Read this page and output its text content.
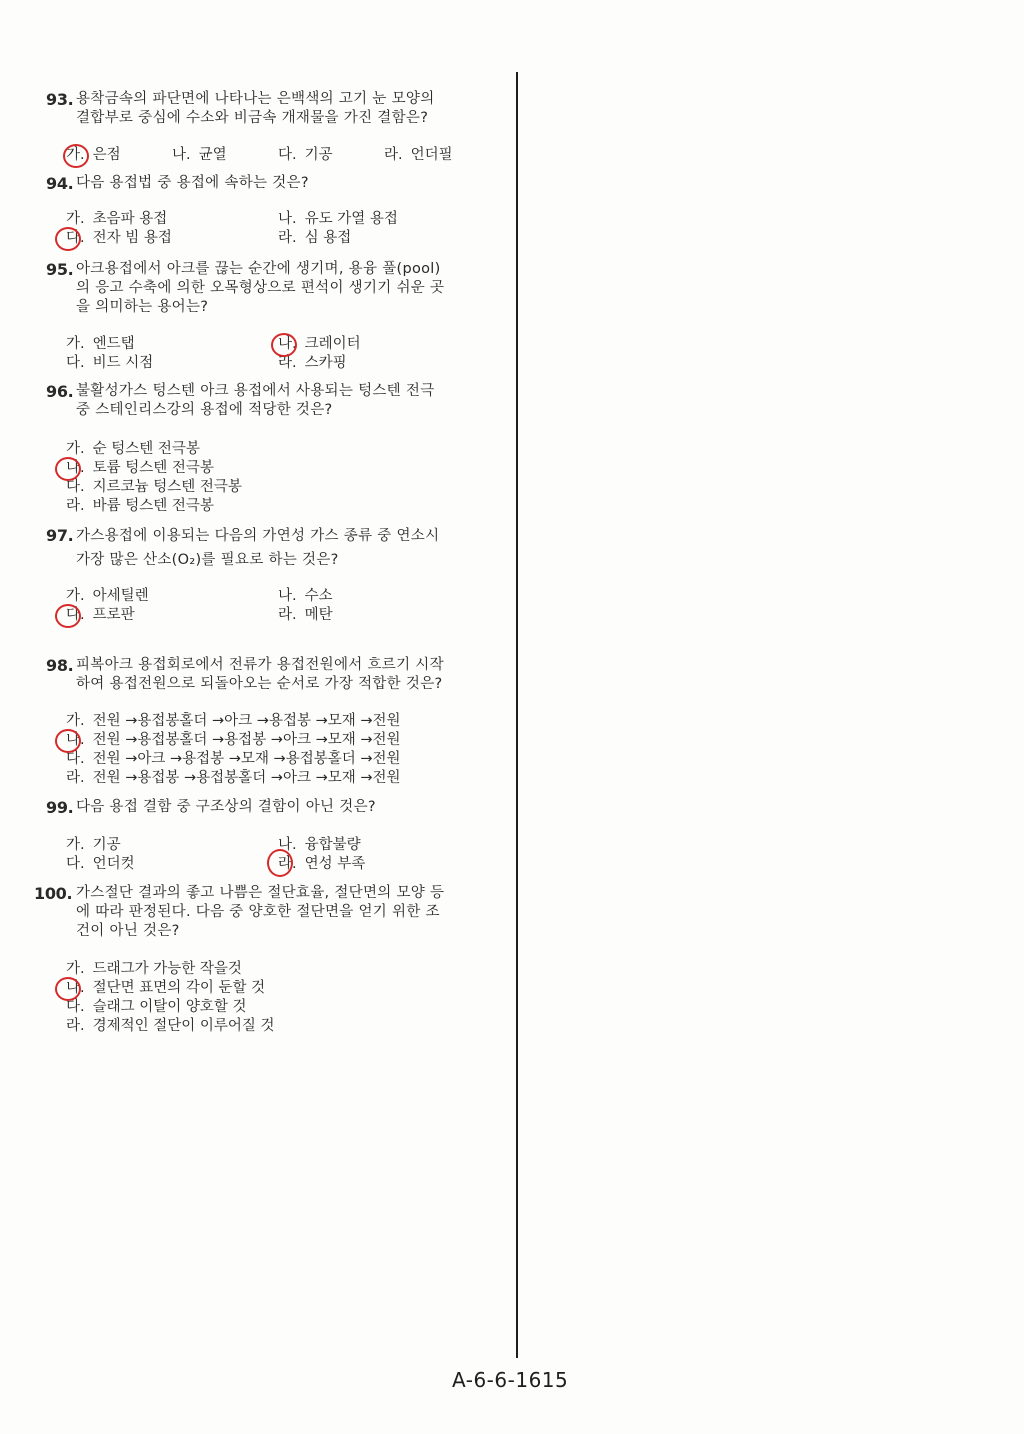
93. 용착금속의 파단면에 나타나는 은백색의 고기 눈 모양의
결합부로 중심에 수소와 비금속 개재물을 가진 결함은?
가. 은점	나. 균열	다. 기공	라. 언더필
94. 다음 용접법 중 용접에 속하는 것은?
가. 초음파 용접	나. 유도 가열 용접
다. 전자 빔 용접	라. 심 용접
95. 아크용접에서 아크를 끊는 순간에 생기며, 용융 풀(pool)
의 응고 수축에 의한 오목형상으로 편석이 생기기 쉬운 곳
을 의미하는 용어는?
가. 엔드탭	나. 크레이터
다. 비드 시점	라. 스카핑
96. 불활성가스 텅스텐 아크 용접에서 사용되는 텅스텐 전극
중 스테인리스강의 용접에 적당한 것은?
가. 순 텅스텐 전극봉
나. 토륨 텅스텐 전극봉
다. 지르코늄 텅스텐 전극봉
라. 바륨 텅스텐 전극봉
97. 가스용접에 이용되는 다음의 가연성 가스 종류 중 연소시
가장 많은 산소(O₂)를 필요로 하는 것은?
가. 아세틸렌	나. 수소
다. 프로판	라. 메탄
98. 피복아크 용접회로에서 전류가 용접전원에서 흐르기 시작
하여 용접전원으로 되돌아오는 순서로 가장 적합한 것은?
가. 전원 →용접봉홀더 →아크 →용접봉 →모재 →전원
나. 전원 →용접봉홀더 →용접봉 →아크 →모재 →전원
다. 전원 →아크 →용접봉 →모재 →용접봉홀더 →전원
라. 전원 →용접봉 →용접봉홀더 →아크 →모재 →전원
99. 다음 용접 결함 중 구조상의 결함이 아닌 것은?
가. 기공	나. 융합불량
다. 언더컷	라. 연성 부족
100. 가스절단 결과의 좋고 나쁨은 절단효율, 절단면의 모양 등
에 따라 판정된다. 다음 중 양호한 절단면을 얻기 위한 조
건이 아닌 것은?
가. 드래그가 가능한 작을것
나. 절단면 표면의 각이 둔할 것
다. 슬래그 이탈이 양호할 것
라. 경제적인 절단이 이루어질 것
A-6-6-1615
